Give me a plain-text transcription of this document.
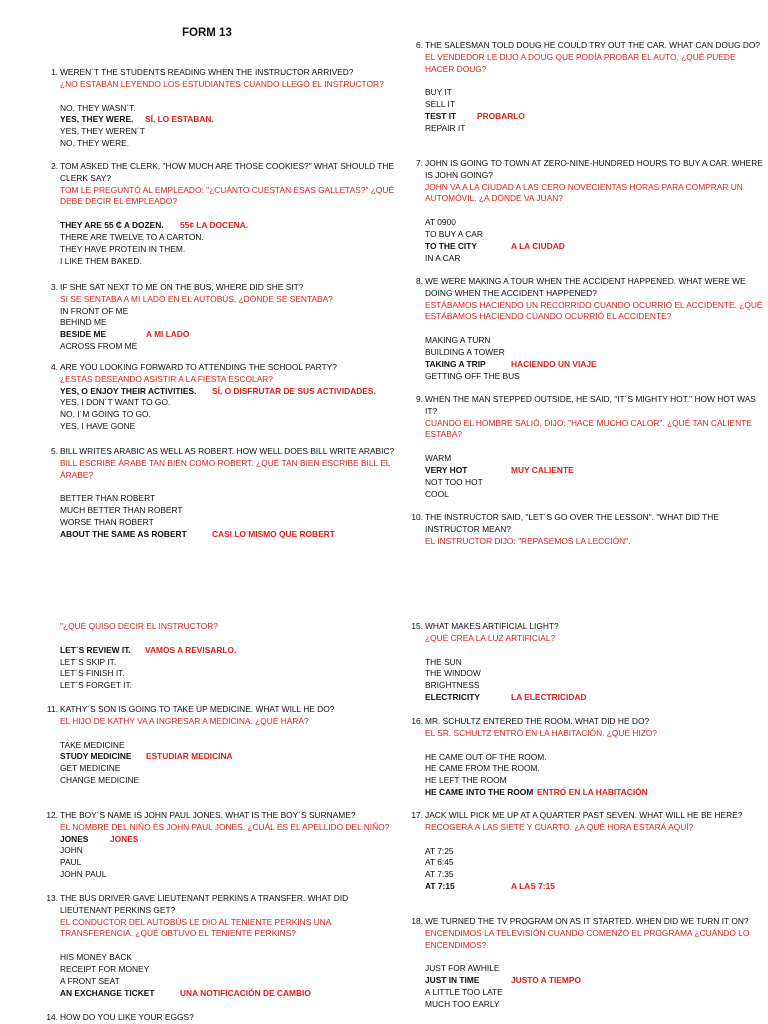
FORM 13
1. WEREN´T THE STUDENTS READING WHEN THE INSTRUCTOR ARRIVED?
¿NO ESTABAN LEYENDO LOS ESTUDIANTES CUANDO LLEGÓ EL INSTRUCTOR?
NO, THEY WASN´T.
YES, THEY WERE. SÍ, LO ESTABAN.
YES, THEY WEREN´T
NO, THEY WERE.
2. TOM ASKED THE CLERK, "HOW MUCH ARE THOSE COOKIES?" WHAT SHOULD THE CLERK SAY?
TOM LE PREGUNTÓ AL EMPLEADO: "¿CUÁNTO CUESTAN ESAS GALLETAS?" ¿QUÉ DEBE DECIR EL EMPLEADO?
THEY ARE 55 ₵ A DOZEN. 55¢ LA DOCENA.
THERE ARE TWELVE TO A CARTON.
THEY HAVE PROTEIN IN THEM.
I LIKE THEM BAKED.
3. IF SHE SAT NEXT TO ME ON THE BUS, WHERE DID SHE SIT?
SI SE SENTABA A MI LADO EN EL AUTOBÚS, ¿DÓNDE SE SENTABA?
IN FRONT OF ME
BEHIND ME
BESIDE ME	A MI LADO
ACROSS FROM ME
4. ARE YOU LOOKING FORWARD TO ATTENDING THE SCHOOL PARTY?
¿ESTÁS DESEANDO ASISTIR A LA FIESTA ESCOLAR?
YES, O ENJOY THEIR ACTIVITIES. SÍ, O DISFRUTAR DE SUS ACTIVIDADES.
YES, I DON´T WANT TO GO.
NO, I´M GOING TO GO.
YES, I HAVE GONE
5. BILL WRITES ARABIC AS WELL AS ROBERT. HOW WELL DOES BILL WRITE ARABIC?
BILL ESCRIBE ÁRABE TAN BIEN COMO ROBERT. ¿QUÉ TAN BIEN ESCRIBE BILL EL ÁRABE?
BETTER THAN ROBERT
MUCH BETTER THAN ROBERT
WORSE THAN ROBERT
ABOUT THE SAME AS ROBERT	CASI LO MISMO QUE ROBERT
6. THE SALESMAN TOLD DOUG HE COULD TRY OUT THE CAR. WHAT CAN DOUG DO?
EL VENDEDOR LE DIJO A DOUG QUE PODÍA PROBAR EL AUTO. ¿QUÉ PUEDE HACER DOUG?
BUY IT
SELL IT
TEST IT PROBARLO
REPAIR IT
7. JOHN IS GOING TO TOWN AT ZERO-NINE-HUNDRED HOURS TO BUY A CAR. WHERE IS JOHN GOING?
JOHN VA A LA CIUDAD A LAS CERO NOVECIENTAS HORAS PARA COMPRAR UN AUTOMÓVIL. ¿A DÓNDE VA JUAN?
AT 0900
TO BUY A CAR
TO THE CITY	A LA CIUDAD
IN A CAR
8. WE WERE MAKING A TOUR WHEN THE ACCIDENT HAPPENED. WHAT WERE WE DOING WHEN THE ACCIDENT HAPPENED?
ESTÁBAMOS HACIENDO UN RECORRIDO CUANDO OCURRIÓ EL ACCIDENTE. ¿QUÉ ESTÁBAMOS HACIENDO CUANDO OCURRIÓ EL ACCIDENTE?
MAKING A TURN
BUILDING A TOWER
TAKING A TRIP	HACIENDO UN VIAJE
GETTING OFF THE BUS
9. WHEN THE MAN STEPPED OUTSIDE, HE SAID, "IT´S MIGHTY HOT." HOW HOT WAS IT?
CUANDO EL HOMBRE SALIÓ, DIJO: "HACE MUCHO CALOR". ¿QUÉ TAN CALIENTE ESTABA?
WARM
VERY HOT	MUY CALIENTE
NOT TOO HOT
COOL
10. THE INSTRUCTOR SAID, "LET´S GO OVER THE LESSON". "WHAT DID THE INSTRUCTOR MEAN?
EL INSTRUCTOR DIJO: "REPASEMOS LA LECCIÓN".
"¿QUÉ QUISO DECIR EL INSTRUCTOR?
LET´S REVIEW IT. VAMOS A REVISARLO.
LET´S SKIP IT.
LET´S FINISH IT.
LET´S FORGET IT.
11. KATHY´S SON IS GOING TO TAKE UP MEDICINE. WHAT WILL HE DO?
EL HIJO DE KATHY VA A INGRESAR A MEDICINA. ¿QUÉ HARÁ?
TAKE MEDICINE
STUDY MEDICINE ESTUDIAR MEDICINA
GET MEDICINE
CHANGE MEDICINE
12. THE BOY´S NAME IS JOHN PAUL JONES. WHAT IS THE BOY´S SURNAME?
EL NOMBRE DEL NIÑO ES JOHN PAUL JONES. ¿CUÁL ES EL APELLIDO DEL NIÑO?
JONES	JONES
JOHN
PAUL
JOHN PAUL
13. THE BUS DRIVER GAVE LIEUTENANT PERKINS A TRANSFER. WHAT DID LIEUTENANT PERKINS GET?
EL CONDUCTOR DEL AUTOBÚS LE DIO AL TENIENTE PERKINS UNA TRANSFERENCIA. ¿QUÉ OBTUVO EL TENIENTE PERKINS?
HIS MONEY BACK
RECEIPT FOR MONEY
A FRONT SEAT
AN EXCHANGE TICKET	UNA NOTIFICACIÓN DE CAMBIO
14. HOW DO YOU LIKE YOUR EGGS?
15. WHAT MAKES ARTIFICIAL LIGHT?
¿QUÉ CREA LA LUZ ARTIFICIAL?
THE SUN
THE WINDOW
BRIGHTNESS
ELECTRICITY	LA ELECTRICIDAD
16. MR. SCHULTZ ENTERED THE ROOM. WHAT DID HE DO?
EL SR. SCHULTZ ENTRÓ EN LA HABITACIÓN. ¿QUÉ HIZO?
HE CAME OUT OF THE ROOM.
HE CAME FROM THE ROOM.
HE LEFT THE ROOM
HE CAME INTO THE ROOM ENTRÓ EN LA HABITACIÓN
17. JACK WILL PICK ME UP AT A QUARTER PAST SEVEN. WHAT WILL HE BE HERE?
RECOGERÁ A LAS SIETE Y CUARTO. ¿A QUÉ HORA ESTARÁ AQUÍ?
AT 7:25
AT 6:45
AT 7:35
AT 7:15	A LAS 7:15
18. WE TURNED THE TV PROGRAM ON AS IT STARTED. WHEN DID WE TURN IT ON?
ENCENDIMOS LA TELEVISIÓN CUANDO COMENZÓ EL PROGRAMA ¿CUÁNDO LO ENCENDIMOS?
JUST FOR AWHILE
JUST IN TIME	JUSTO A TIEMPO
A LITTLE TOO LATE
MUCH TOO EARLY
